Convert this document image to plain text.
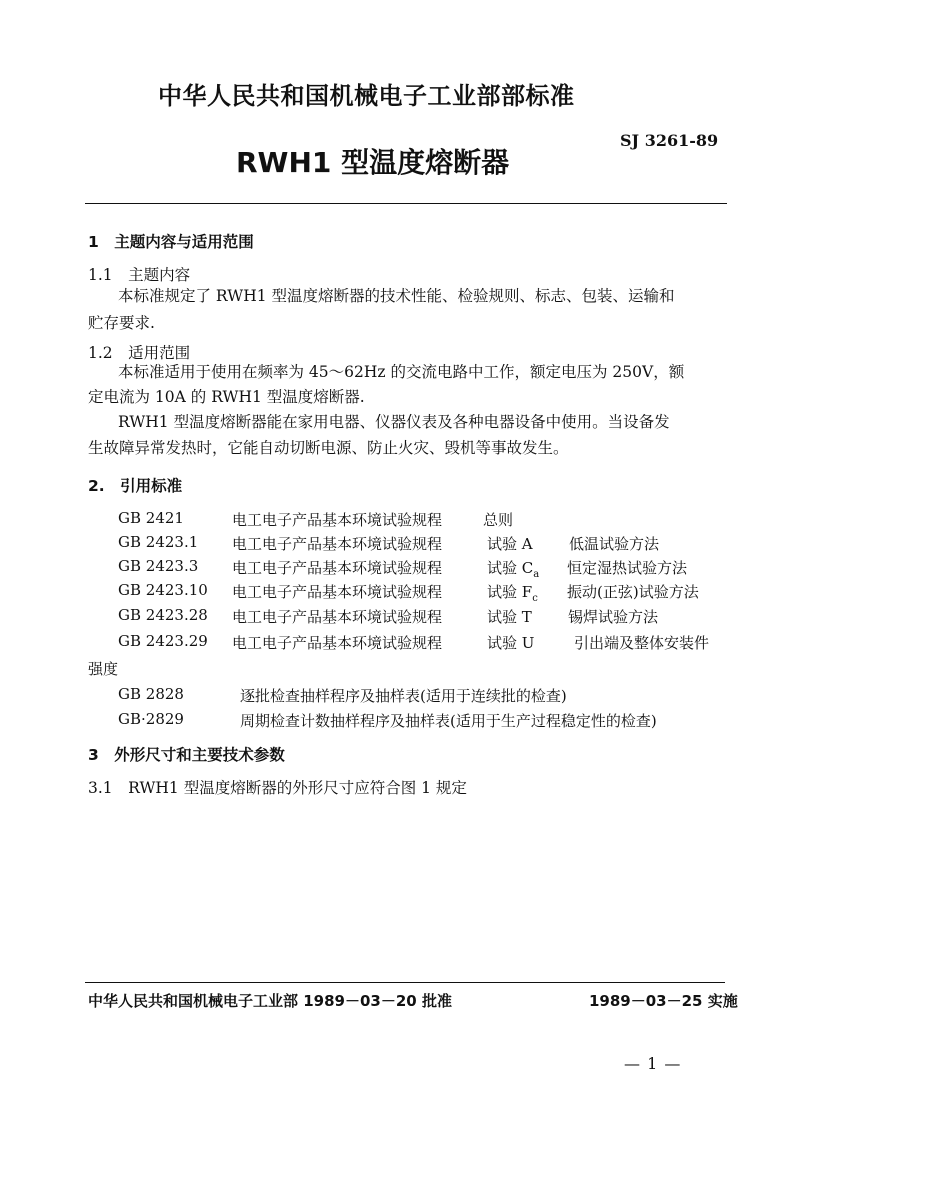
中华人民共和国机械电子工业部部标准
SJ 3261-89
RWH1 型温度熔断器
1　主题内容与适用范围
1.1　主题内容
本标准规定了 RWH1 型温度熔断器的技术性能、检验规则、标志、包装、运输和
贮存要求.
1.2　适用范围
本标准适用于使用在频率为 45～62Hz 的交流电路中工作，额定电压为 250V，额
定电流为 10A 的 RWH1 型温度熔断器.
RWH1 型温度熔断器能在家用电器、仪器仪表及各种电器设备中使用。当设备发
生故障异常发热时，它能自动切断电源、防止火灾、毁机等事故发生。
2.　引用标准
GB 2421	电工电子产品基本环境试验规程	总则
GB 2423.1 电工电子产品基本环境试验规程	试验 A 低温试验方法
GB 2423.3 电工电子产品基本环境试验规程	试验 $C_a$ 恒定湿热试验方法
GB 2423.10 电工电子产品基本环境试验规程	试验 $F_c$ 振动(正弦)试验方法
GB 2423.28 电工电子产品基本环境试验规程	试验 T 锡焊试验方法
GB 2423.29 电工电子产品基本环境试验规程	试验 U	引出端及整体安装件
强度
GB 2828	逐批检查抽样程序及抽样表(适用于连续批的检查)
GB·2829	周期检查计数抽样程序及抽样表(适用于生产过程稳定性的检查)
3　外形尺寸和主要技术参数
3.1　RWH1 型温度熔断器的外形尺寸应符合图 1 规定
中华人民共和国机械电子工业部 1989－03－20 批准	1989－03－25 实施
— 1 —
